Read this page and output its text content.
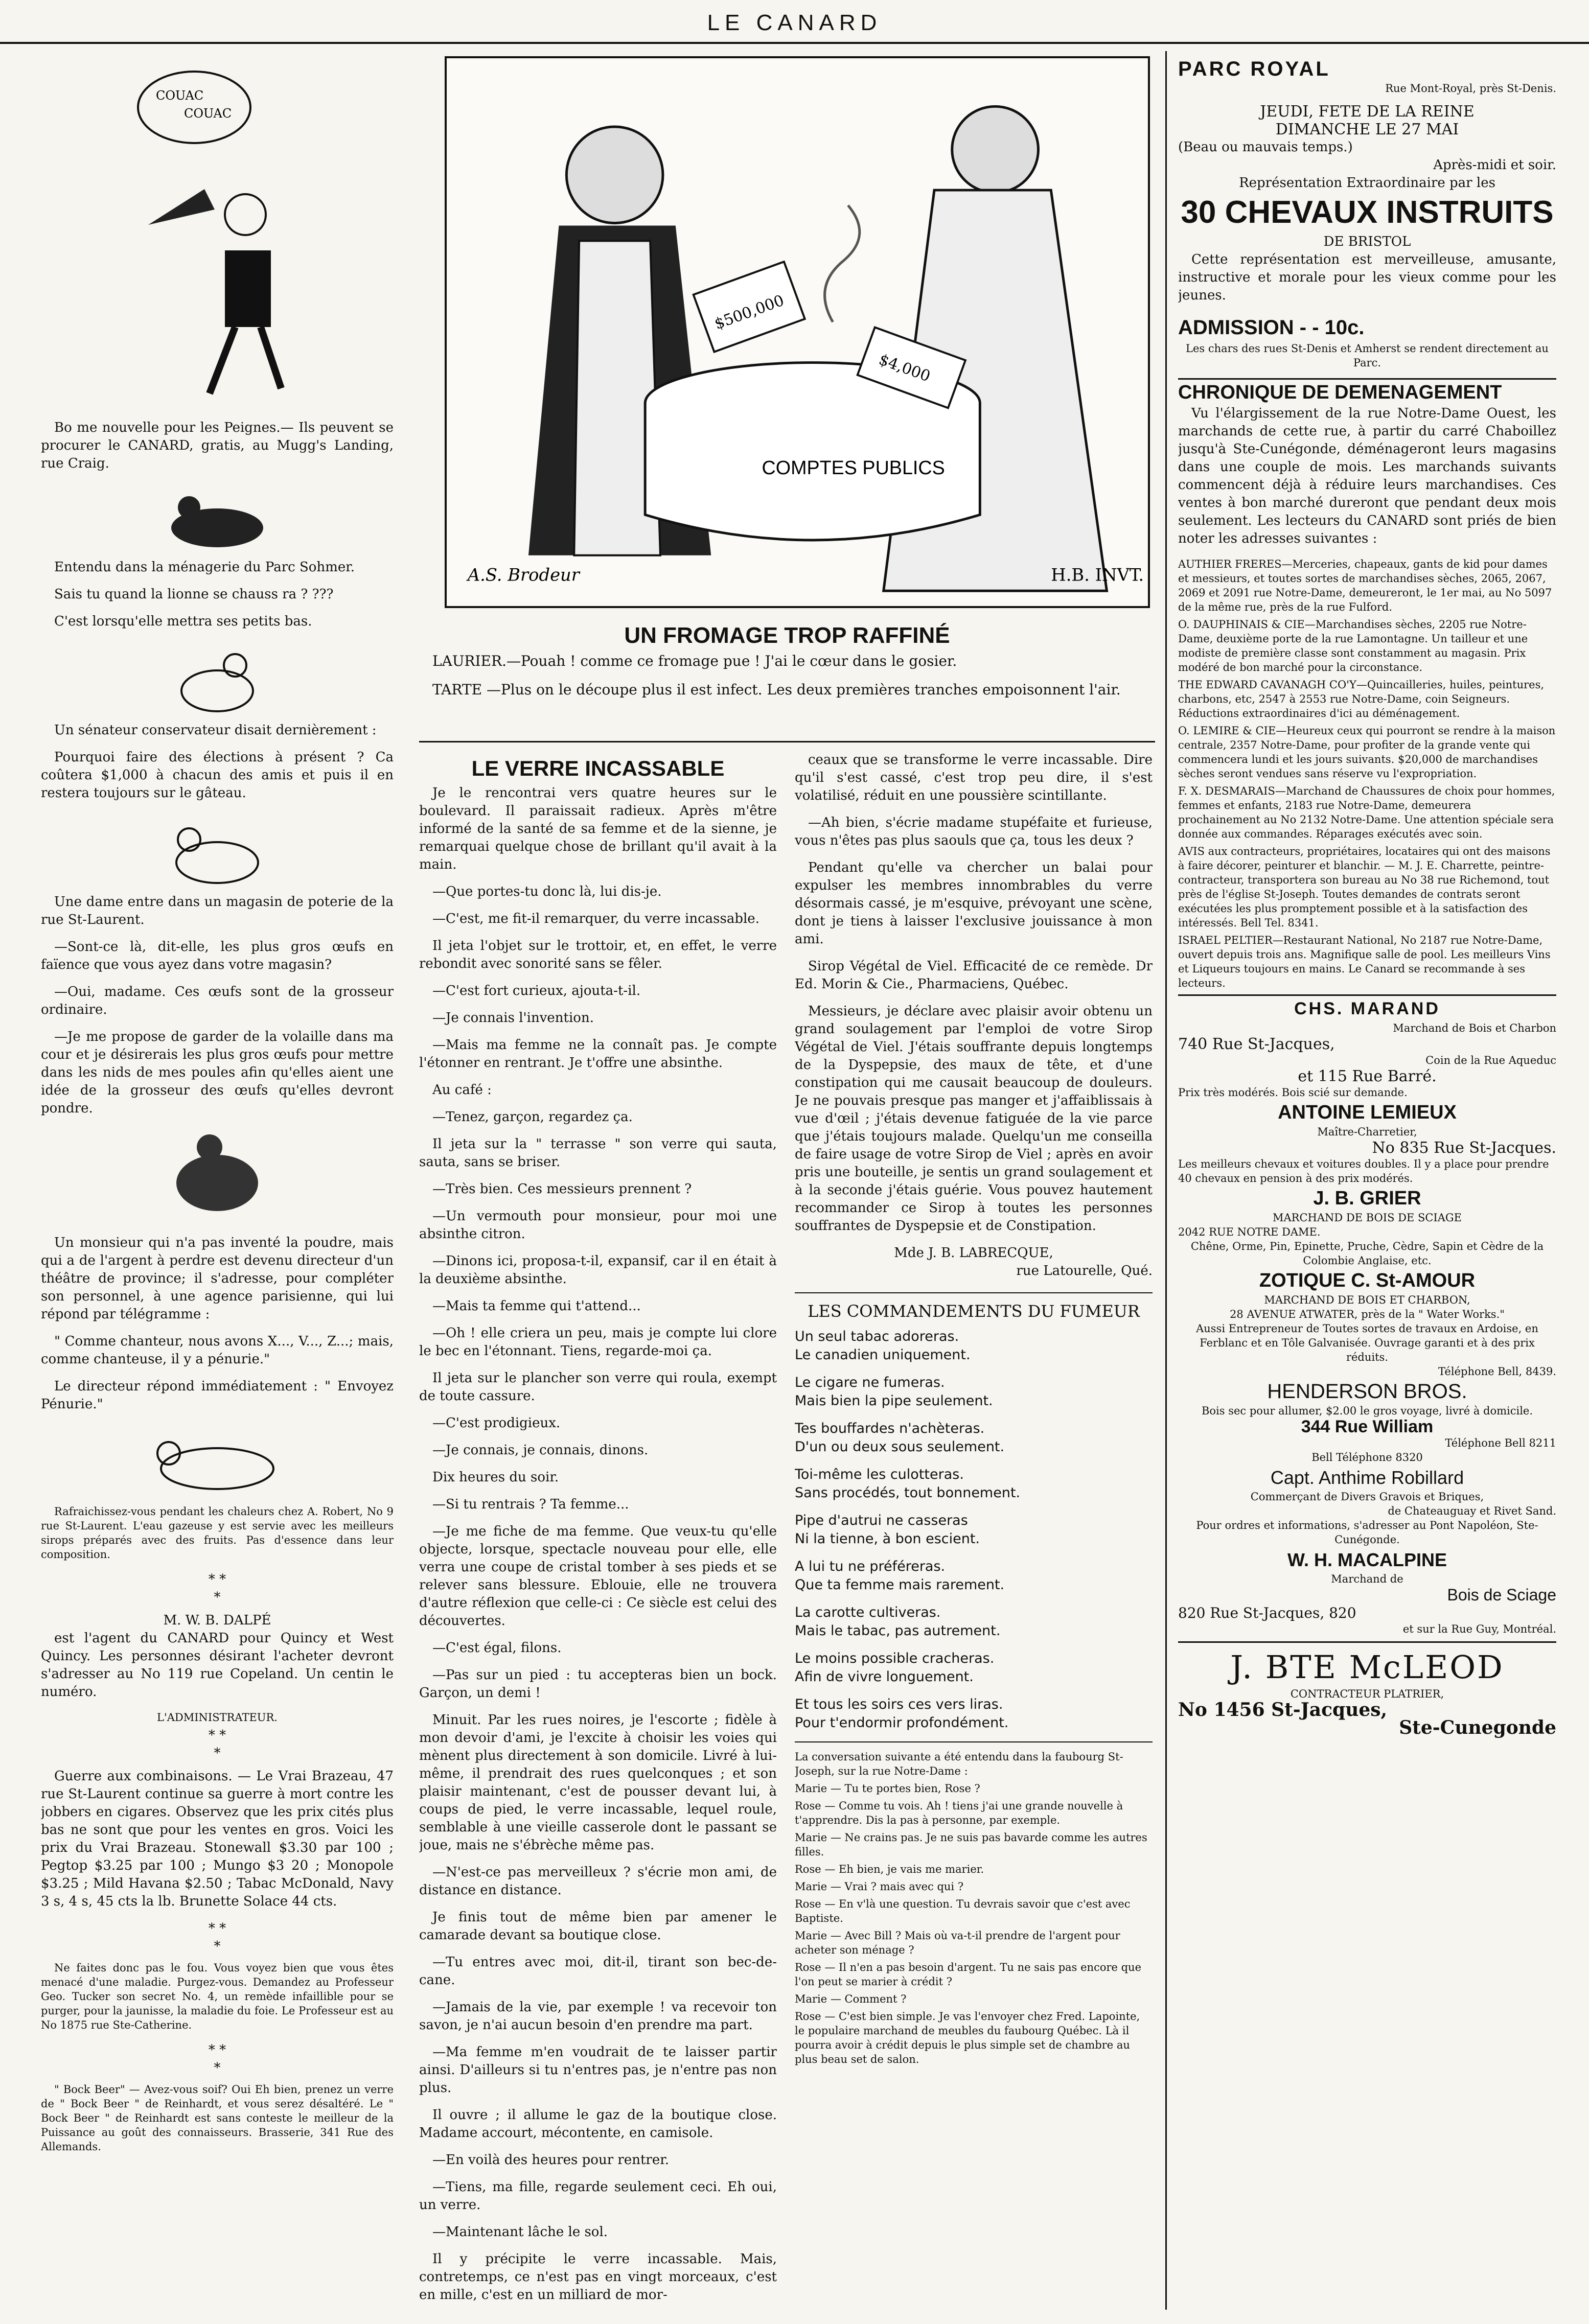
LE CANARD
COUAC
COUAC

Bo me nouvelle pour les Peignes.— Ils peuvent se procurer le CANARD, gratis, au Mugg's Landing, rue Craig.

Entendu dans la ménagerie du Parc Sohmer.

Sais tu quand la lionne se chauss ra ? ???

C'est lorsqu'elle mettra ses petits bas.

Un sénateur conservateur disait dernièrement :

Pourquoi faire des élections à présent ? Ca coûtera $1,000 à chacun des amis et puis il en restera toujours sur le gâteau.

Une dame entre dans un magasin de poterie de la rue St-Laurent.

—Sont-ce là, dit-elle, les plus gros œufs en faïence que vous ayez dans votre magasin?

—Oui, madame. Ces œufs sont de la grosseur ordinaire.

—Je me propose de garder de la volaille dans ma cour et je désirerais les plus gros œufs pour mettre dans les nids de mes poules afin qu'elles aient une idée de la grosseur des œufs qu'elles devront pondre.

Un monsieur qui n'a pas inventé la poudre, mais qui a de l'argent à perdre est devenu directeur d'un théâtre de province; il s'adresse, pour compléter son personnel, à une agence parisienne, qui lui répond par télégramme :

" Comme chanteur, nous avons X..., V..., Z...; mais, comme chanteuse, il y a pénurie."

Le directeur répond immédiatement : " Envoyez Pénurie."

Rafraichissez-vous pendant les chaleurs chez A. Robert, No 9 rue St-Laurent. L'eau gazeuse y est servie avec les meilleurs sirops préparés avec des fruits. Pas d'essence dans leur composition.

* *
*
M. W. B. DALPÉ

est l'agent du CANARD pour Quincy et West Quincy. Les personnes désirant l'acheter devront s'adresser au No 119 rue Copeland. Un centin le numéro.

L'ADMINISTRATEUR.
* *
*

Guerre aux combinaisons. — Le Vrai Brazeau, 47 rue St-Laurent continue sa guerre à mort contre les jobbers en cigares. Observez que les prix cités plus bas ne sont que pour les ventes en gros. Voici les prix du Vrai Brazeau. Stonewall $3.30 par 100 ; Pegtop $3.25 par 100 ; Mungo $3 20 ; Monopole $3.25 ; Mild Havana $2.50 ; Tabac McDonald, Navy 3 s, 4 s, 45 cts la lb. Brunette Solace 44 cts.

* *
*

Ne faites donc pas le fou. Vous voyez bien que vous êtes menacé d'une maladie. Purgez-vous. Demandez au Professeur Geo. Tucker son secret No. 4, un remède infaillible pour se purger, pour la jaunisse, la maladie du foie. Le Professeur est au No 1875 rue Ste-Catherine.

* *
*

" Bock Beer" — Avez-vous soif? Oui Eh bien, prenez un verre de " Bock Beer " de Reinhardt, et vous serez désaltéré. Le " Bock Beer " de Reinhardt est sans conteste le meilleur de la Puissance au goût des connaisseurs. Brasserie, 341 Rue des Allemands.

COMPTES PUBLICS
$500,000
$4,000
A.S. Brodeur	H.B. INVT.
UN FROMAGE TROP RAFFINÉ

LAURIER.—Pouah ! comme ce fromage pue ! J'ai le cœur dans le gosier.

TARTE —Plus on le découpe plus il est infect. Les deux premières tranches empoisonnent l'air.

LE VERRE INCASSABLE

Je le rencontrai vers quatre heures sur le boulevard. Il paraissait radieux. Après m'être informé de la santé de sa femme et de la sienne, je remarquai quelque chose de brillant qu'il avait à la main.

—Que portes-tu donc là, lui dis-je.

—C'est, me fit-il remarquer, du verre incassable.

Il jeta l'objet sur le trottoir, et, en effet, le verre rebondit avec sonorité sans se fêler.

—C'est fort curieux, ajouta-t-il.

—Je connais l'invention.

—Mais ma femme ne la connaît pas. Je compte l'étonner en rentrant. Je t'offre une absinthe.

Au café :

—Tenez, garçon, regardez ça.

Il jeta sur la " terrasse " son verre qui sauta, sauta, sans se briser.

—Très bien. Ces messieurs prennent ?

—Un vermouth pour monsieur, pour moi une absinthe citron.

—Dinons ici, proposa-t-il, expansif, car il en était à la deuxième absinthe.

—Mais ta femme qui t'attend...

—Oh ! elle criera un peu, mais je compte lui clore le bec en l'étonnant. Tiens, regarde-moi ça.

Il jeta sur le plancher son verre qui roula, exempt de toute cassure.

—C'est prodigieux.

—Je connais, je connais, dinons.

Dix heures du soir.

—Si tu rentrais ? Ta femme...

—Je me fiche de ma femme. Que veux-tu qu'elle objecte, lorsque, spectacle nouveau pour elle, elle verra une coupe de cristal tomber à ses pieds et se relever sans blessure. Eblouie, elle ne trouvera d'autre réflexion que celle-ci : Ce siècle est celui des découvertes.

—C'est égal, filons.

—Pas sur un pied : tu accepteras bien un bock. Garçon, un demi !

Minuit. Par les rues noires, je l'escorte ; fidèle à mon devoir d'ami, je l'excite à choisir les voies qui mènent plus directement à son domicile. Livré à lui-même, il prendrait des rues quelconques ; et son plaisir maintenant, c'est de pousser devant lui, à coups de pied, le verre incassable, lequel roule, semblable à une vieille casserole dont le passant se joue, mais ne s'ébrèche même pas.

—N'est-ce pas merveilleux ? s'écrie mon ami, de distance en distance.

Je finis tout de même bien par amener le camarade devant sa boutique close.

—Tu entres avec moi, dit-il, tirant son bec-de-cane.

—Jamais de la vie, par exemple ! va recevoir ton savon, je n'ai aucun besoin d'en prendre ma part.

—Ma femme m'en voudrait de te laisser partir ainsi. D'ailleurs si tu n'entres pas, je n'entre pas non plus.

Il ouvre ; il allume le gaz de la boutique close. Madame accourt, mécontente, en camisole.

—En voilà des heures pour rentrer.

—Tiens, ma fille, regarde seulement ceci. Eh oui, un verre.

—Maintenant lâche le sol.

Il y précipite le verre incassable. Mais, contretemps, ce n'est pas en vingt morceaux, c'est en mille, c'est en un milliard de mor-

ceaux que se transforme le verre incassable. Dire qu'il s'est cassé, c'est trop peu dire, il s'est volatilisé, réduit en une poussière scintillante.

—Ah bien, s'écrie madame stupéfaite et furieuse, vous n'êtes pas plus saouls que ça, tous les deux ?

Pendant qu'elle va chercher un balai pour expulser les membres innombrables du verre désormais cassé, je m'esquive, prévoyant une scène, dont je tiens à laisser l'exclusive jouissance à mon ami.

Sirop Végétal de Viel. Efficacité de ce remède. Dr Ed. Morin & Cie., Pharmaciens, Québec.

Messieurs, je déclare avec plaisir avoir obtenu un grand soulagement par l'emploi de votre Sirop Végétal de Viel. J'étais souffrante depuis longtemps de la Dyspepsie, des maux de tête, et d'une constipation qui me causait beaucoup de douleurs. Je ne pouvais presque pas manger et j'affaiblissais à vue d'œil ; j'étais devenue fatiguée de la vie parce que j'étais toujours malade. Quelqu'un me conseilla de faire usage de votre Sirop de Viel ; après en avoir pris une bouteille, je sentis un grand soulagement et à la seconde j'étais guérie. Vous pouvez hautement recommander ce Sirop à toutes les personnes souffrantes de Dyspepsie et de Constipation.

Mde J. B. LABRECQUE,
rue Latourelle, Qué.
LES COMMANDEMENTS DU FUMEUR
Un seul tabac adoreras.
Le canadien uniquement.
Le cigare ne fumeras.
Mais bien la pipe seulement.
Tes bouffardes n'achèteras.
D'un ou deux sous seulement.
Toi-même les culotteras.
Sans procédés, tout bonnement.
Pipe d'autrui ne casseras
Ni la tienne, à bon escient.
A lui tu ne préféreras.
Que ta femme mais rarement.
La carotte cultiveras.
Mais le tabac, pas autrement.
Le moins possible cracheras.
Afin de vivre longuement.
Et tous les soirs ces vers liras.
Pour t'endormir profondément.
La conversation suivante a été entendu dans la faubourg St-Joseph, sur la rue Notre-Dame :
Marie — Tu te portes bien, Rose ?
Rose — Comme tu vois. Ah ! tiens j'ai une grande nouvelle à t'apprendre. Dis la pas à personne, par exemple.
Marie — Ne crains pas. Je ne suis pas bavarde comme les autres filles.
Rose — Eh bien, je vais me marier.
Marie — Vrai ? mais avec qui ?
Rose — En v'là une question. Tu devrais savoir que c'est avec Baptiste.
Marie — Avec Bill ? Mais où va-t-il prendre de l'argent pour acheter son ménage ?
Rose — Il n'en a pas besoin d'argent. Tu ne sais pas encore que l'on peut se marier à crédit ?
Marie — Comment ?
Rose — C'est bien simple. Je vas l'envoyer chez Fred. Lapointe, le populaire marchand de meubles du faubourg Québec. Là il pourra avoir à crédit depuis le plus simple set de chambre au plus beau set de salon.
PARC ROYAL
Rue Mont-Royal, près St-Denis.
JEUDI, FETE DE LA REINE
DIMANCHE LE 27 MAI
(Beau ou mauvais temps.)
Après-midi et soir.
Représentation Extraordinaire par les
30 CHEVAUX INSTRUITS
DE BRISTOL

Cette représentation est merveilleuse, amusante, instructive et morale pour les vieux comme pour les jeunes.

ADMISSION - - 10c.
Les chars des rues St-Denis et Amherst se rendent directement au Parc.
CHRONIQUE DE DEMENAGEMENT

Vu l'élargissement de la rue Notre-Dame Ouest, les marchands de cette rue, à partir du carré Chaboillez jusqu'à Ste-Cunégonde, déménageront leurs magasins dans une couple de mois. Les marchands suivants commencent déjà à réduire leurs marchandises. Ces ventes à bon marché dureront que pendant deux mois seulement. Les lecteurs du CANARD sont priés de bien noter les adresses suivantes :

AUTHIER FRERES—Merceries, chapeaux, gants de kid pour dames et messieurs, et toutes sortes de marchandises sèches, 2065, 2067, 2069 et 2091 rue Notre-Dame, demeureront, le 1er mai, au No 5097 de la même rue, près de la rue Fulford.
O. DAUPHINAIS & CIE—Marchandises sèches, 2205 rue Notre-Dame, deuxième porte de la rue Lamontagne. Un tailleur et une modiste de première classe sont constamment au magasin. Prix modéré de bon marché pour la circonstance.
THE EDWARD CAVANAGH CO'Y—Quincailleries, huiles, peintures, charbons, etc, 2547 à 2553 rue Notre-Dame, coin Seigneurs. Réductions extraordinaires d'ici au déménagement.
O. LEMIRE & CIE—Heureux ceux qui pourront se rendre à la maison centrale, 2357 Notre-Dame, pour profiter de la grande vente qui commencera lundi et les jours suivants. $20,000 de marchandises sèches seront vendues sans réserve vu l'expropriation.
F. X. DESMARAIS—Marchand de Chaussures de choix pour hommes, femmes et enfants, 2183 rue Notre-Dame, demeurera prochainement au No 2132 Notre-Dame. Une attention spéciale sera donnée aux commandes. Réparages exécutés avec soin.
AVIS aux contracteurs, propriétaires, locataires qui ont des maisons à faire décorer, peinturer et blanchir. — M. J. E. Charrette, peintre-contracteur, transportera son bureau au No 38 rue Richemond, tout près de l'église St-Joseph. Toutes demandes de contrats seront exécutées les plus promptement possible et à la satisfaction des intéressés. Bell Tel. 8341.
ISRAEL PELTIER—Restaurant National, No 2187 rue Notre-Dame, ouvert depuis trois ans. Magnifique salle de pool. Les meilleurs Vins et Liqueurs toujours en mains. Le Canard se recommande à ses lecteurs.
CHS. MARAND
Marchand de Bois et Charbon
740 Rue St-Jacques,
Coin de la Rue Aqueduc
et 115 Rue Barré.
Prix très modérés. Bois scié sur demande.
ANTOINE LEMIEUX
Maître-Charretier,
No 835 Rue St-Jacques.
Les meilleurs chevaux et voitures doubles. Il y a place pour prendre 40 chevaux en pension à des prix modérés.
J. B. GRIER
MARCHAND DE BOIS DE SCIAGE
2042 RUE NOTRE DAME.
Chêne, Orme, Pin, Epinette, Pruche, Cèdre, Sapin et Cèdre de la Colombie Anglaise, etc.
ZOTIQUE C. St-AMOUR
MARCHAND DE BOIS ET CHARBON,
28 AVENUE ATWATER, près de la " Water Works."
Aussi Entrepreneur de Toutes sortes de travaux en Ardoise, en Ferblanc et en Tôle Galvanisée. Ouvrage garanti et à des prix réduits.
Téléphone Bell, 8439.
HENDERSON BROS.
Bois sec pour allumer, $2.00 le gros voyage, livré à domicile.
344 Rue William
Téléphone Bell 8211
Bell Téléphone 8320
Capt. Anthime Robillard
Commerçant de Divers Gravois et Briques,
de Chateauguay et Rivet Sand.
Pour ordres et informations, s'adresser au Pont Napoléon, Ste-Cunégonde.
W. H. MACALPINE
Marchand de
Bois de Sciage
820 Rue St-Jacques, 820
et sur la Rue Guy, Montréal.
J. BTE McLEOD
CONTRACTEUR PLATRIER,
No 1456 St-Jacques,
Ste-Cunegonde
